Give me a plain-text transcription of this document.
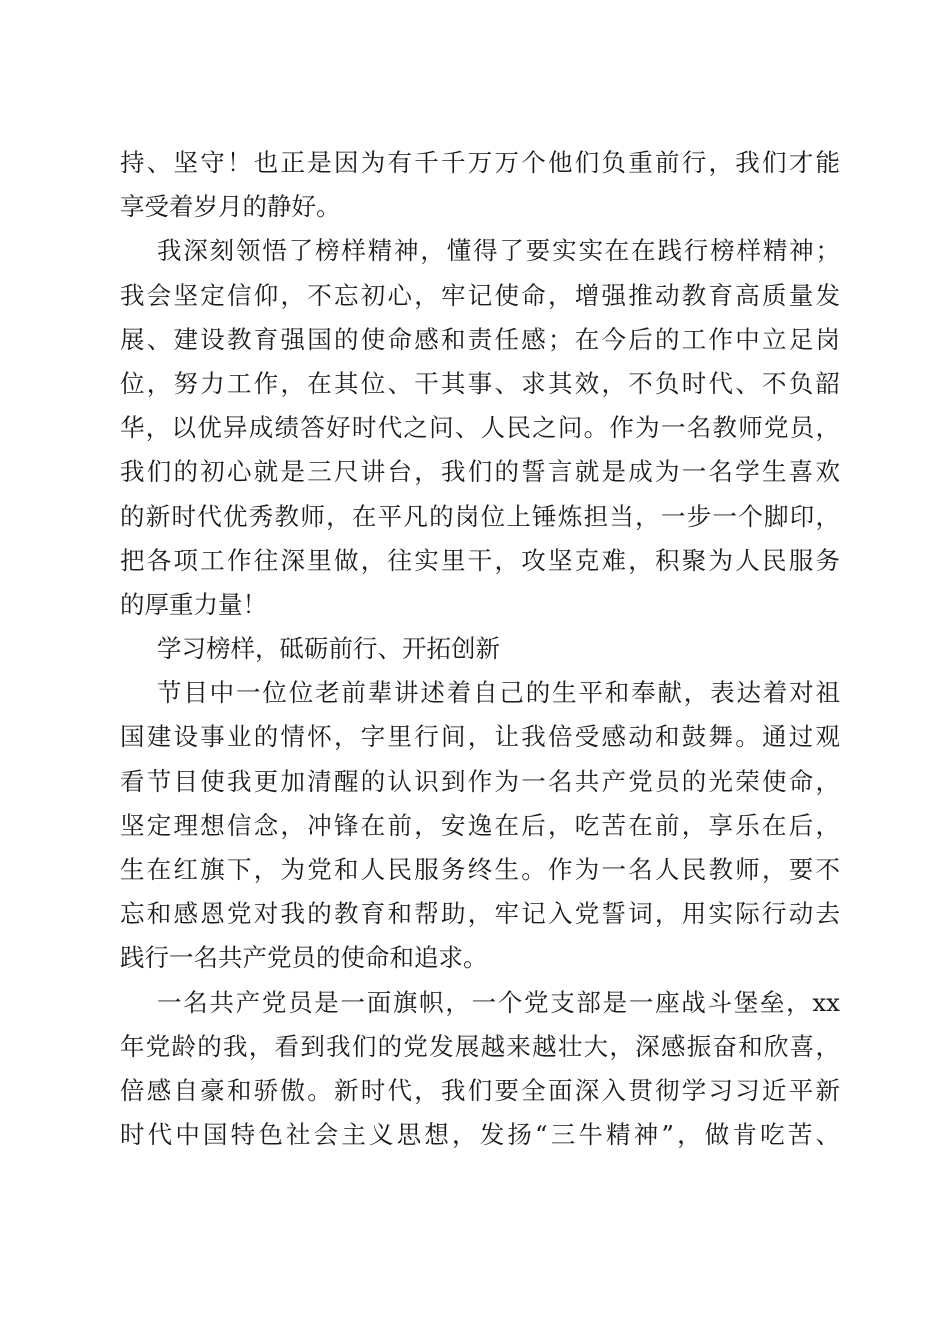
持、坚守！也正是因为有千千万万个他们负重前行，我们才能
享受着岁月的静好。
我深刻领悟了榜样精神，懂得了要实实在在践行榜样精神；
我会坚定信仰，不忘初心，牢记使命，增强推动教育高质量发
展、建设教育强国的使命感和责任感；在今后的工作中立足岗
位，努力工作，在其位、干其事、求其效，不负时代、不负韶
华，以优异成绩答好时代之问、人民之问。作为一名教师党员，
我们的初心就是三尺讲台，我们的誓言就是成为一名学生喜欢
的新时代优秀教师，在平凡的岗位上锤炼担当，一步一个脚印，
把各项工作往深里做，往实里干，攻坚克难，积聚为人民服务
的厚重力量！
学习榜样，砥砺前行、开拓创新
节目中一位位老前辈讲述着自己的生平和奉献，表达着对祖
国建设事业的情怀，字里行间，让我倍受感动和鼓舞。通过观
看节目使我更加清醒的认识到作为一名共产党员的光荣使命，
坚定理想信念，冲锋在前，安逸在后，吃苦在前，享乐在后，
生在红旗下，为党和人民服务终生。作为一名人民教师，要不
忘和感恩党对我的教育和帮助，牢记入党誓词，用实际行动去
践行一名共产党员的使命和追求。
一名共产党员是一面旗帜，一个党支部是一座战斗堡垒，xx
年党龄的我，看到我们的党发展越来越壮大，深感振奋和欣喜，
倍感自豪和骄傲。新时代，我们要全面深入贯彻学习习近平新
时代中国特色社会主义思想，发扬“三牛精神”，做肯吃苦、
